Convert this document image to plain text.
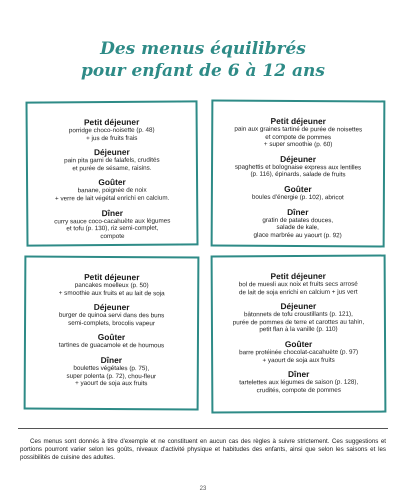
Des menus équilibrés
pour enfant de 6 à 12 ans
Petit déjeuner
porridge choco-noisette (p. 48)
+ jus de fruits frais
Déjeuner
pain pita garni de falafels, crudités
et purée de sésame, raisins.
Goûter
banane, poignée de noix
+ verre de lait végétal enrichi en calcium.
Dîner
curry sauce coco-cacahuète aux légumes
et tofu (p. 130), riz semi-complet,
compote
Petit déjeuner
pain aux graines tartiné de purée de noisettes
et compote de pommes
+ super smoothie (p. 60)
Déjeuner
spaghettis et bolognaise express aux lentilles
(p. 116), épinards, salade de fruits
Goûter
boules d'énergie (p. 102), abricot
Dîner
gratin de patates douces,
salade de kale,
glace marbrée au yaourt (p. 92)
Petit déjeuner
pancakes moelleux (p. 50)
+ smoothie aux fruits et au lait de soja
Déjeuner
burger de quinoa servi dans des buns
semi-complets, brocolis vapeur
Goûter
tartines de guacamole et de houmous
Dîner
boulettes végétales (p. 75),
super polenta (p. 72), chou-fleur
+ yaourt de soja aux fruits
Petit déjeuner
bol de muesli aux noix et fruits secs arrosé
de lait de soja enrichi en calcium + jus vert
Déjeuner
bâtonnets de tofu croustillants (p. 121),
purée de pommes de terre et carottes au tahin,
petit flan à la vanille (p. 110)
Goûter
barre protéinée chocolat-cacahuète (p. 97)
+ yaourt de soja aux fruits
Dîner
tartelettes aux légumes de saison (p. 128),
crudités, compote de pommes

Ces menus sont donnés à titre d'exemple et ne constituent en aucun cas des règles à suivre strictement. Ces suggestions et portions pourront varier selon les goûts, niveaux d'activité physique et habitudes des enfants, ainsi que selon les saisons et les possibilités de cuisine des adultes.

23
